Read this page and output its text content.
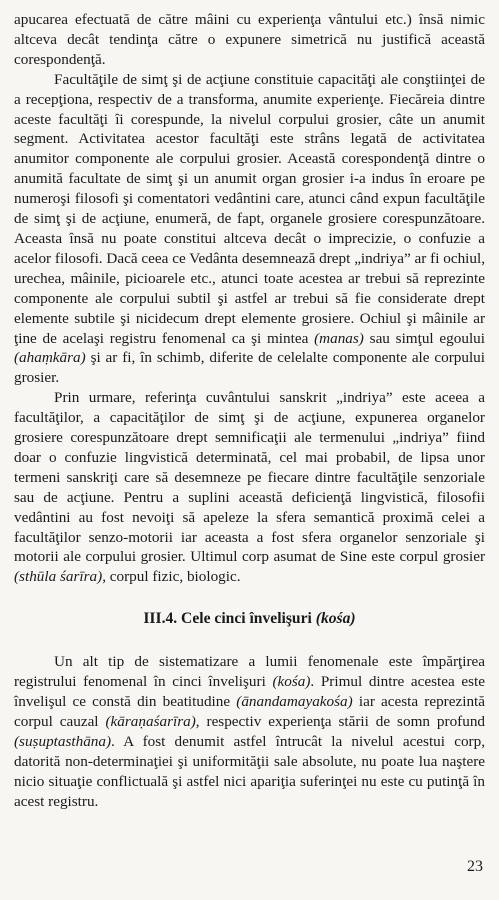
apucarea efectuată de către mâini cu experienţa vântului etc.) însă nimic altceva decât tendinţa către o expunere simetrică nu justifică această corespondenţă.

Facultăţile de simţ şi de acţiune constituie capacităţi ale conştiinţei de a recepţiona, respectiv de a transforma, anumite experienţe. Fiecăreia dintre aceste facultăţi îi corespunde, la nivelul corpului grosier, câte un anumit segment. Activitatea acestor facultăţi este strâns legată de activitatea anumitor componente ale corpului grosier. Această corespondenţă dintre o anumită facultate de simţ şi un anumit organ grosier i-a indus în eroare pe numeroşi filosofi şi comentatori vedântini care, atunci când expun facultăţile de simţ şi de acţiune, enumeră, de fapt, organele grosiere corespunzătoare. Aceasta însă nu poate constitui altceva decât o imprecizie, o confuzie a acelor filosofi. Dacă ceea ce Vedânta desemnează drept „indriya” ar fi ochiul, urechea, mâinile, picioarele etc., atunci toate acestea ar trebui să reprezinte componente ale corpului subtil şi astfel ar trebui să fie considerate drept elemente subtile şi nicidecum drept elemente grosiere. Ochiul şi mâinile ar ţine de acelaşi registru fenomenal ca şi mintea (manas) sau simţul egoului (ahaṃkāra) şi ar fi, în schimb, diferite de celelalte componente ale corpului grosier.

Prin urmare, referinţa cuvântului sanskrit „indriya” este aceea a facultăţilor, a capacităţilor de simţ şi de acţiune, expunerea organelor grosiere corespunzătoare drept semnificaţii ale termenului „indriya” fiind doar o confuzie lingvistică determinată, cel mai probabil, de lipsa unor termeni sanskriţi care să desemneze pe fiecare dintre facultăţile senzoriale sau de acţiune. Pentru a suplini această deficienţă lingvistică, filosofii vedântini au fost nevoiţi să apeleze la sfera semantică proximă celei a facultăţilor senzo-motorii iar aceasta a fost sfera organelor senzoriale şi motorii ale corpului grosier. Ultimul corp asumat de Sine este corpul grosier (sthūla śarīra), corpul fizic, biologic.

III.4. Cele cinci învelişuri (kośa)

Un alt tip de sistematizare a lumii fenomenale este împărţirea registrului fenomenal în cinci învelişuri (kośa). Primul dintre acestea este învelişul ce constă din beatitudine (ānandamayakośa) iar acesta reprezintă corpul cauzal (kāraṇaśarīra), respectiv experienţa stării de somn profund (suṣuptasthāna). A fost denumit astfel întrucât la nivelul acestui corp, datorită non-determinaţiei şi uniformităţii sale absolute, nu poate lua naştere nicio situaţie conflictuală şi astfel nici apariţia suferinţei nu este cu putinţă în acest registru.

23
